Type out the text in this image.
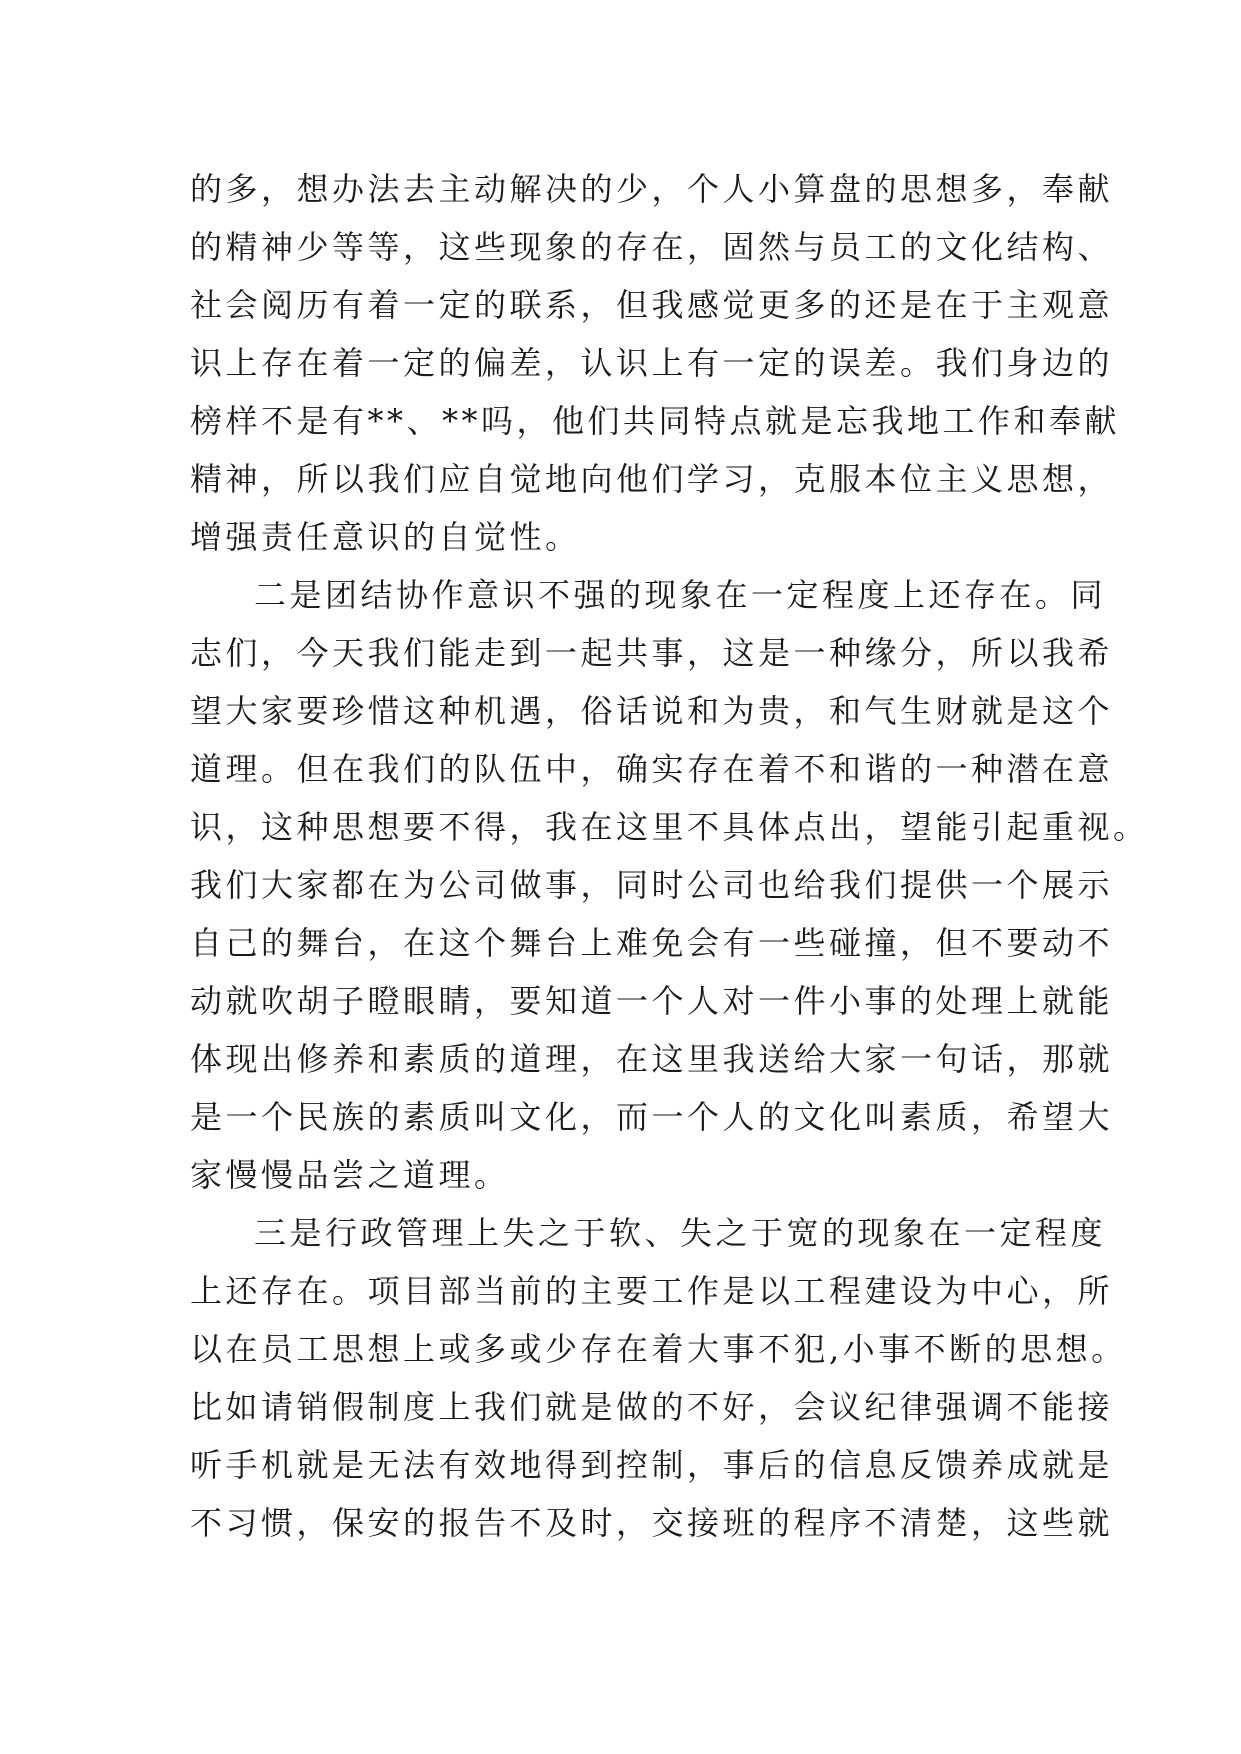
的多，想办法去主动解决的少，个人小算盘的思想多，奉献
的精神少等等，这些现象的存在，固然与员工的文化结构、
社会阅历有着一定的联系，但我感觉更多的还是在于主观意
识上存在着一定的偏差，认识上有一定的误差。我们身边的
榜样不是有**、**吗，他们共同特点就是忘我地工作和奉献
精神，所以我们应自觉地向他们学习，克服本位主义思想，
增强责任意识的自觉性。
二是团结协作意识不强的现象在一定程度上还存在。同
志们，今天我们能走到一起共事，这是一种缘分，所以我希
望大家要珍惜这种机遇，俗话说和为贵，和气生财就是这个
道理。但在我们的队伍中，确实存在着不和谐的一种潜在意
识，这种思想要不得，我在这里不具体点出，望能引起重视。
我们大家都在为公司做事，同时公司也给我们提供一个展示
自己的舞台，在这个舞台上难免会有一些碰撞，但不要动不
动就吹胡子瞪眼睛，要知道一个人对一件小事的处理上就能
体现出修养和素质的道理，在这里我送给大家一句话，那就
是一个民族的素质叫文化，而一个人的文化叫素质，希望大
家慢慢品尝之道理。
三是行政管理上失之于软、失之于宽的现象在一定程度
上还存在。项目部当前的主要工作是以工程建设为中心，所
以在员工思想上或多或少存在着大事不犯,小事不断的思想。
比如请销假制度上我们就是做的不好，会议纪律强调不能接
听手机就是无法有效地得到控制，事后的信息反馈养成就是
不习惯，保安的报告不及时，交接班的程序不清楚，这些就
